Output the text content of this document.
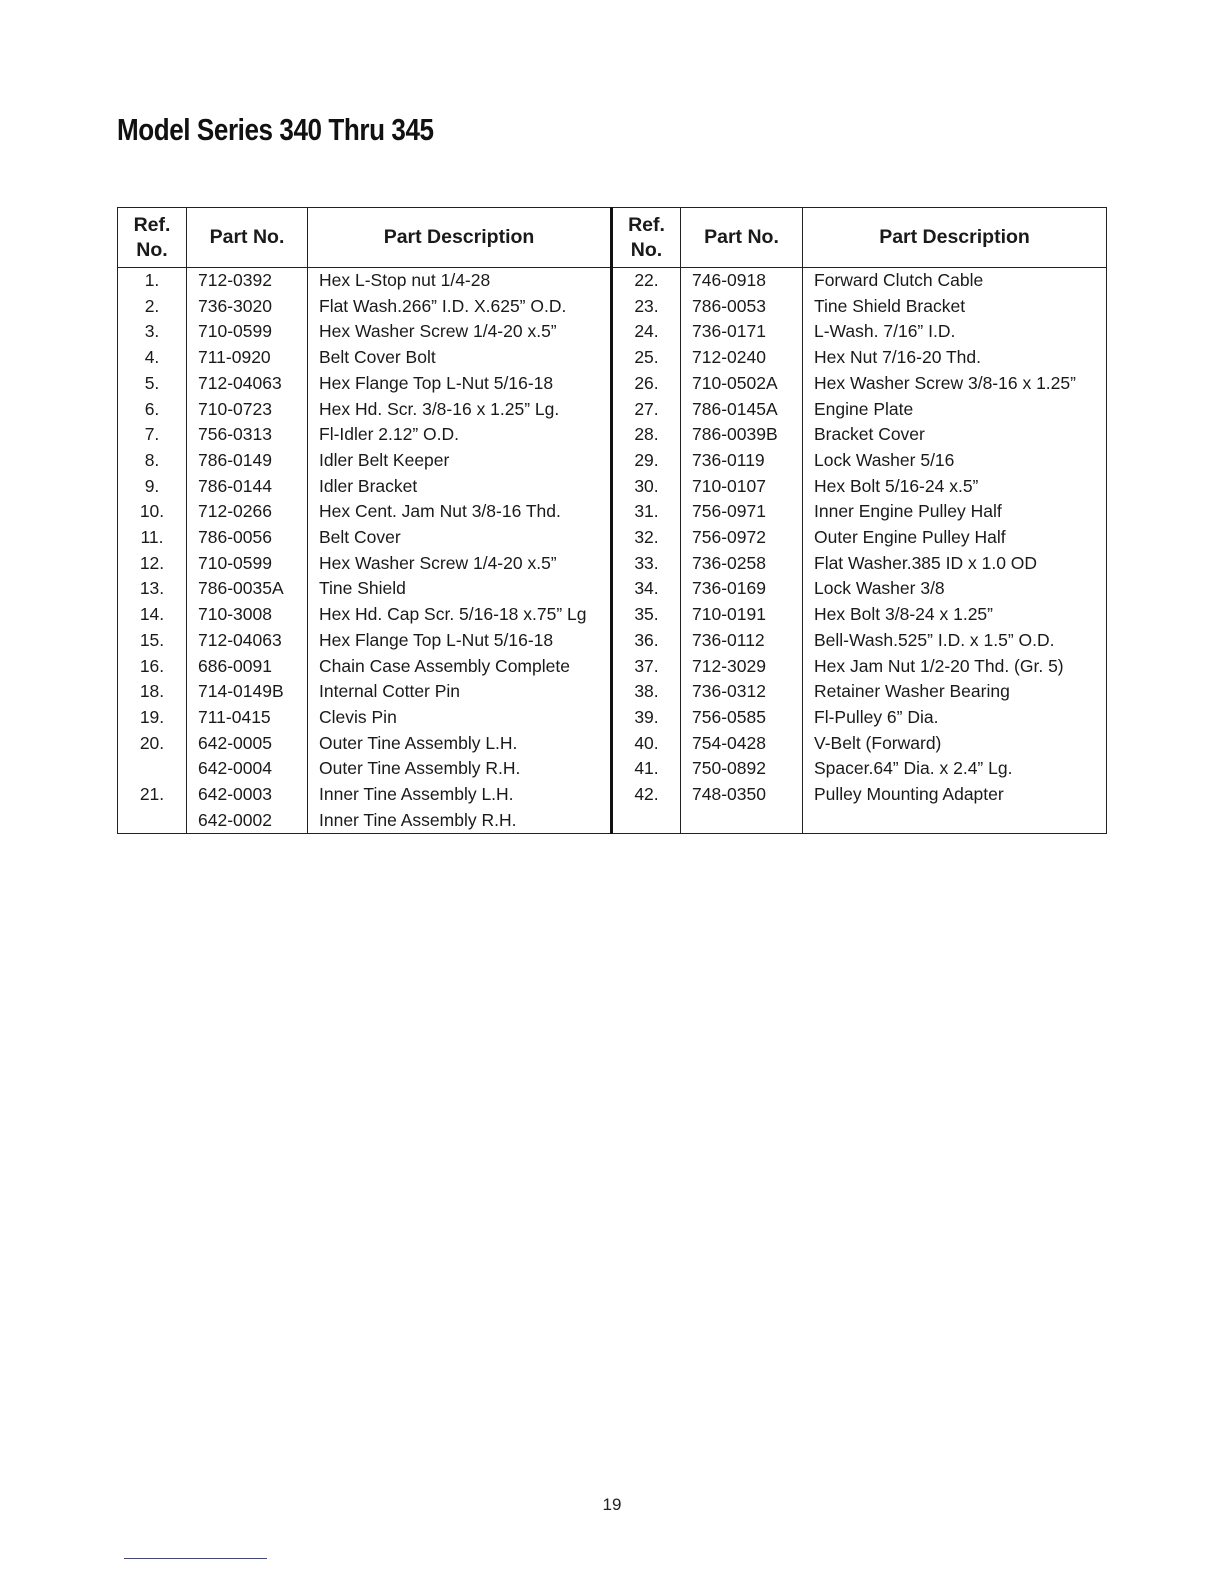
Model Series 340 Thru 345
Ref.
No.	Part No.	Part Description	Ref.
No.	Part No.	Part Description
1.	712-0392	Hex L-Stop nut 1/4-28	22.	746-0918	Forward Clutch Cable
2.	736-3020	Flat Wash.266” I.D. X.625” O.D.	23.	786-0053	Tine Shield Bracket
3.	710-0599	Hex Washer Screw 1/4-20 x.5”	24.	736-0171	L-Wash. 7/16” I.D.
4.	711-0920	Belt Cover Bolt	25.	712-0240	Hex Nut 7/16-20 Thd.
5.	712-04063	Hex Flange Top L-Nut 5/16-18	26.	710-0502A	Hex Washer Screw 3/8-16 x 1.25”
6.	710-0723	Hex Hd. Scr. 3/8-16 x 1.25” Lg.	27.	786-0145A	Engine Plate
7.	756-0313	Fl-Idler 2.12” O.D.	28.	786-0039B	Bracket Cover
8.	786-0149	Idler Belt Keeper	29.	736-0119	Lock Washer 5/16
9.	786-0144	Idler Bracket	30.	710-0107	Hex Bolt 5/16-24 x.5”
10.	712-0266	Hex Cent. Jam Nut 3/8-16 Thd.	31.	756-0971	Inner Engine Pulley Half
11.	786-0056	Belt Cover	32.	756-0972	Outer Engine Pulley Half
12.	710-0599	Hex Washer Screw 1/4-20 x.5”	33.	736-0258	Flat Washer.385 ID x 1.0 OD
13.	786-0035A	Tine Shield	34.	736-0169	Lock Washer 3/8
14.	710-3008	Hex Hd. Cap Scr. 5/16-18 x.75” Lg	35.	710-0191	Hex Bolt 3/8-24 x 1.25”
15.	712-04063	Hex Flange Top L-Nut 5/16-18	36.	736-0112	Bell-Wash.525” I.D. x 1.5” O.D.
16.	686-0091	Chain Case Assembly Complete	37.	712-3029	Hex Jam Nut 1/2-20 Thd. (Gr. 5)
18.	714-0149B	Internal Cotter Pin	38.	736-0312	Retainer Washer Bearing
19.	711-0415	Clevis Pin	39.	756-0585	Fl-Pulley 6” Dia.
20.	642-0005	Outer Tine Assembly L.H.	40.	754-0428	V-Belt (Forward)
	642-0004	Outer Tine Assembly R.H.	41.	750-0892	Spacer.64” Dia. x 2.4” Lg.
21.	642-0003	Inner Tine Assembly L.H.	42.	748-0350	Pulley Mounting Adapter
	642-0002	Inner Tine Assembly R.H.			
19
